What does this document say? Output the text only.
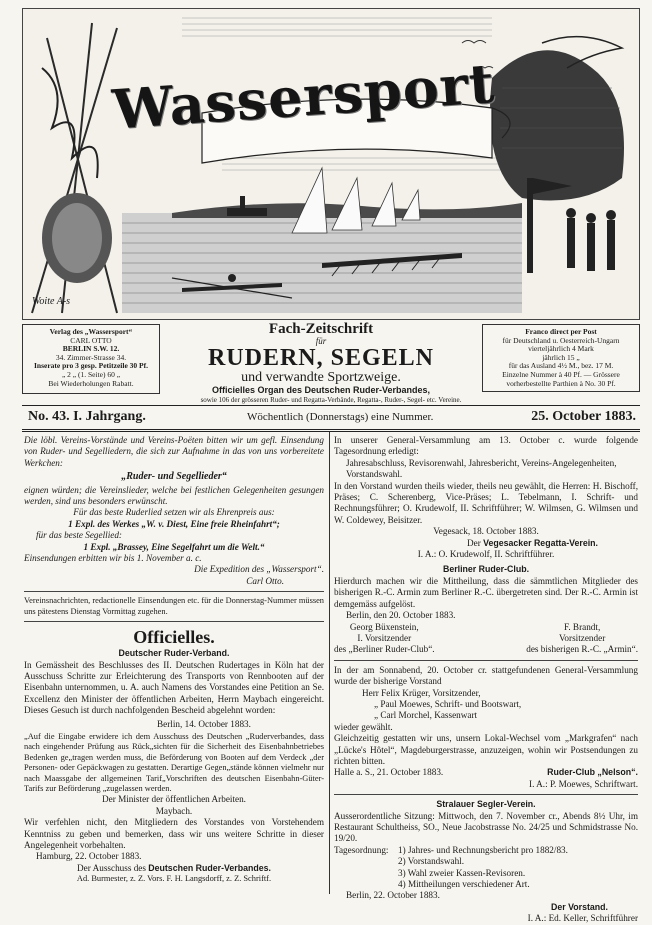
Wassersport
Woite A-s
Verlag des „Wassersport“
CARL OTTO
BERLIN S.W. 12.
34. Zimmer-Strasse 34.
Inserate pro 3 gesp. Petitzeile 30 Pf.
„ 2 „ (1. Seite) 60 „
Bei Wiederholungen Rabatt.
Fach-Zeitschrift
für
RUDERN, SEGELN
und verwandte Sportzweige.
Officielles Organ des Deutschen Ruder-Verbandes,
Franco direct per Post
für Deutschland u. Oesterreich-Ungarn
vierteljährlich 4 Mark
jährlich 15 „
für das Ausland 4½ M., bez. 17 M.
Einzelne Nummer à 40 Pf. — Grössere
vorherbestellte Parthien à No. 30 Pf.
sowie 106 der grösseren Ruder- und Regatta-Verbände, Regatta-, Ruder-, Segel- etc. Vereine.
No. 43. I. Jahrgang.	Wöchentlich (Donnerstags) eine Nummer.	25. October 1883.
Die löbl. Vereins-Vorstände und Vereins-Poëten bitten wir um gefl. Einsendung von Ruder- und Segelliedern, die sich zur Aufnahme in das von uns vorbereitete Werkchen:
„Ruder- und Segellieder“
eignen würden; die Vereinslieder, welche bei festlichen Gelegenheiten gesungen werden, sind uns besonders erwünscht.
Für das beste Ruderlied setzen wir als Ehrenpreis aus:
1 Expl. des Werkes „W. v. Diest, Eine freie Rheinfahrt“;
für das beste Segellied:
1 Expl. „Brassey, Eine Segelfahrt um die Welt.“
Einsendungen erbitten wir bis 1. November a. c.
Die Expedition des „Wassersport“.
Carl Otto.
Vereinsnachrichten, redactionelle Einsendungen etc. für die Donnerstag-Nummer müssen uns pätestens Dienstag Vormittag zugehen.
Officielles.
Deutscher Ruder-Verband.
In Gemässheit des Beschlusses des II. Deutschen Rudertages in Köln hat der Ausschuss Schritte zur Erleichterung des Transports von Rennbooten auf der Eisenbahn unternommen, u. A. auch Namens des Vorstandes eine Petition an Se. Excellenz den Minister der öffentlichen Arbeiten, Herrn Maybach eingereicht. Dieses Gesuch ist durch nachfolgenden Bescheid abgelehnt worden:
Berlin, 14. October 1883.
„Auf die Eingabe erwidere ich dem Ausschuss des Deutschen „Ruderverbandes, dass nach eingehender Prüfung aus Rück„sichten für die Sicherheit des Eisenbahnbetriebes Bedenken ge„tragen werden muss, die Beförderung von Booten auf dem Verdeck „der Personen- oder Gepäckwagen zu gestatten. Derartige Gegen„stände können vielmehr nur nach Maassgabe der allgemeinen Tarif„Vorschriften des deutschen Eisenbahn-Güter-Tarifs zur Beförderung „zugelassen werden.
Der Minister der öffentlichen Arbeiten.
Maybach.
Wir verfehlen nicht, den Mitgliedern des Vorstandes von Vorstehendem Kenntniss zu geben und bemerken, dass wir uns weitere Schritte in dieser Angelegenheit vorbehalten.
Hamburg, 22. October 1883.
Der Ausschuss des Deutschen Ruder-Verbandes.
Ad. Burmester, z. Z. Vors. F. H. Langsdorff, z. Z. Schriftf.
In unserer General-Versammlung am 13. October c. wurde folgende Tagesordnung erledigt:
Jahresabschluss, Revisorenwahl, Jahresbericht, Vereins-Angelegenheiten, Vorstandswahl.
In den Vorstand wurden theils wieder, theils neu gewählt, die Herren: H. Bischoff, Präses; C. Scherenberg, Vice-Präses; L. Tebelmann, I. Schrift- und Rechnungsführer; O. Krudewolf, II. Schriftführer; W. Wilmsen, G. Wilmsen und W. Coldewey, Beisitzer.
Vegesack, 18. October 1883.
Der Vegesacker Regatta-Verein.
I. A.: O. Krudewolf, II. Schriftführer.
Berliner Ruder-Club.
Hierdurch machen wir die Mittheilung, dass die sämmtlichen Mitglieder des bisherigen R.-C. Armin zum Berliner R.-C. übergetreten sind. Der R.-C. Armin ist demgemäss aufgelöst.
Berlin, den 20. October 1883.
Georg Büxenstein,
I. Vorsitzender
des „Berliner Ruder-Club“.
F. Brandt,
Vorsitzender
des bisherigen R.-C. „Armin“.
In der am Sonnabend, 20. October cr. stattgefundenen General-Versammlung wurde der bisherige Vorstand
Herr Felix Krüger, Vorsitzender,
„ Paul Moewes, Schrift- und Bootswart,
„ Carl Morchel, Kassenwart
wieder gewählt.
Gleichzeitig gestatten wir uns, unsern Lokal-Wechsel vom „Markgrafen“ nach „Lücke's Hôtel“, Magdeburgerstrasse, anzuzeigen, wohin wir Postsendungen zu richten bitten.
Halle a. S., 21. October 1883.	Ruder-Club „Nelson“.
I. A.: P. Moewes, Schriftwart.
Stralauer Segler-Verein.
Ausserordentliche Sitzung: Mittwoch, den 7. November cr., Abends 8½ Uhr, im Restaurant Schultheiss, SO., Neue Jacobstrasse No. 24/25 und Schmidstrasse No. 19/20.
Tagesordnung:	1) Jahres- und Rechnungsbericht pro 1882/83.
2) Vorstandswahl.
3) Wahl zweier Kassen-Revisoren.
4) Mittheilungen verschiedener Art.
Berlin, 22. October 1883.
Der Vorstand.
I. A.: Ed. Keller, Schriftführer
